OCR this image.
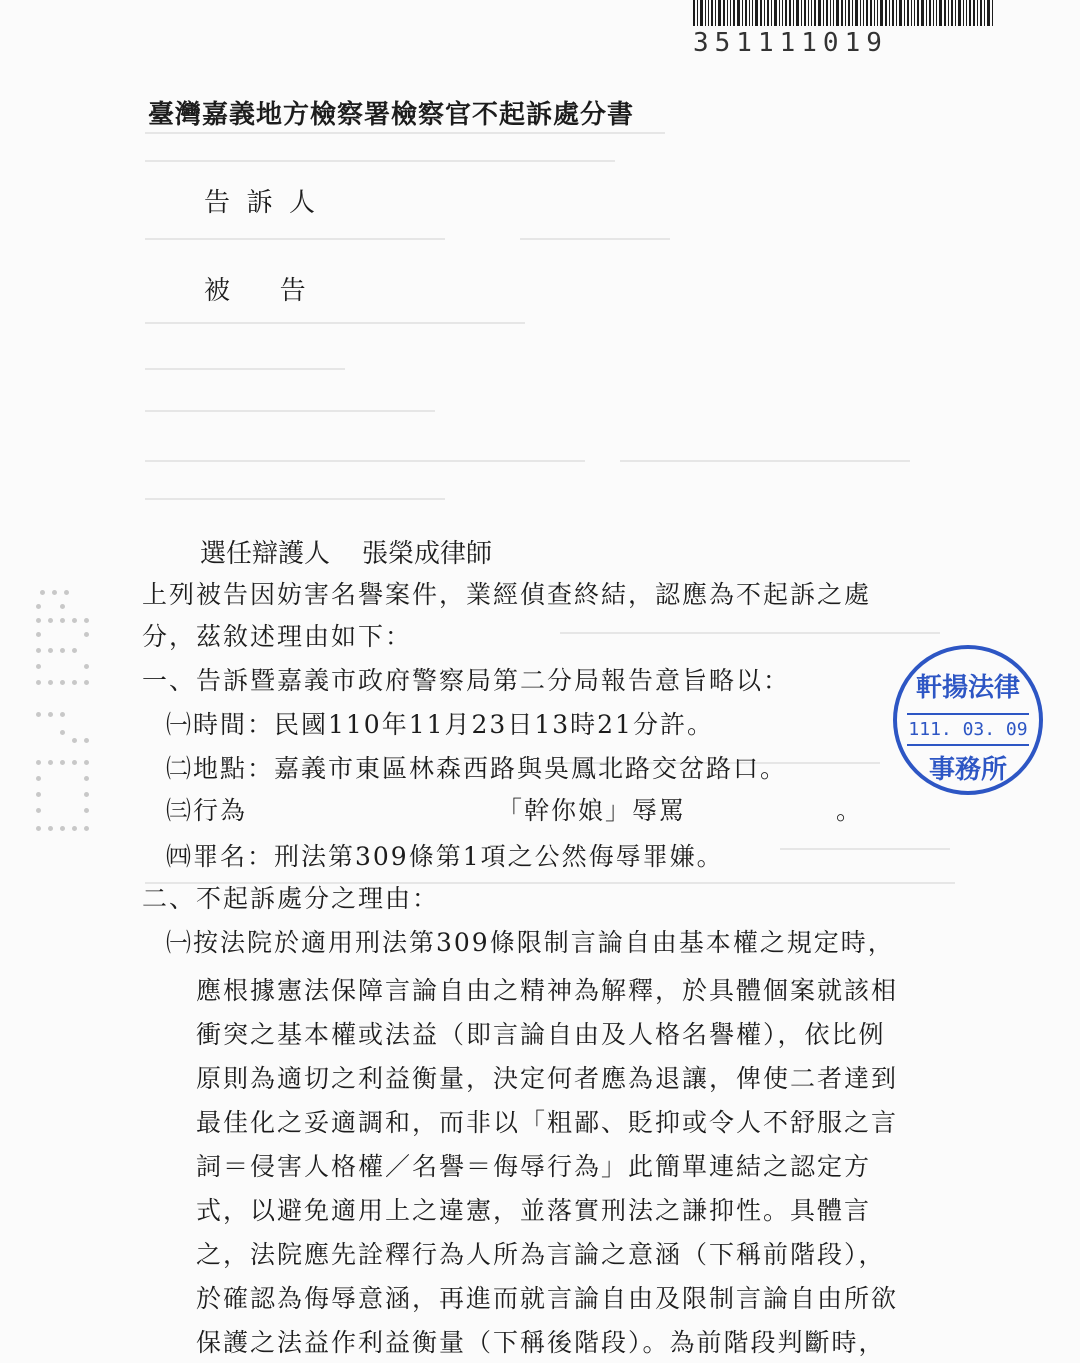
351111019
臺灣嘉義地方檢察署檢察官不起訴處分書
告  訴  人
被      告
選任辯護人 張榮成律師
上列被告因妨害名譽案件，業經偵查終結，認應為不起訴之處
分，茲敘述理由如下：
一、告訴暨嘉義市政府警察局第二分局報告意旨略以：
㈠時間：民國110年11月23日13時21分許。
㈡地點：嘉義市東區林森西路與吳鳳北路交岔路口。
㈢行為	「幹你娘」辱罵	。
㈣罪名：刑法第309條第1項之公然侮辱罪嫌。
二、不起訴處分之理由：
㈠按法院於適用刑法第309條限制言論自由基本權之規定時，
應根據憲法保障言論自由之精神為解釋，於具體個案就該相
衝突之基本權或法益（即言論自由及人格名譽權），依比例
原則為適切之利益衡量，決定何者應為退讓，俾使二者達到
最佳化之妥適調和，而非以「粗鄙、貶抑或令人不舒服之言
詞＝侵害人格權／名譽＝侮辱行為」此簡單連結之認定方
式，以避免適用上之違憲，並落實刑法之謙抑性。具體言
之，法院應先詮釋行為人所為言論之意涵（下稱前階段），
於確認為侮辱意涵，再進而就言論自由及限制言論自由所欲
保護之法益作利益衡量（下稱後階段）。為前階段判斷時，
軒揚法律
111. 03. 09
事務所
